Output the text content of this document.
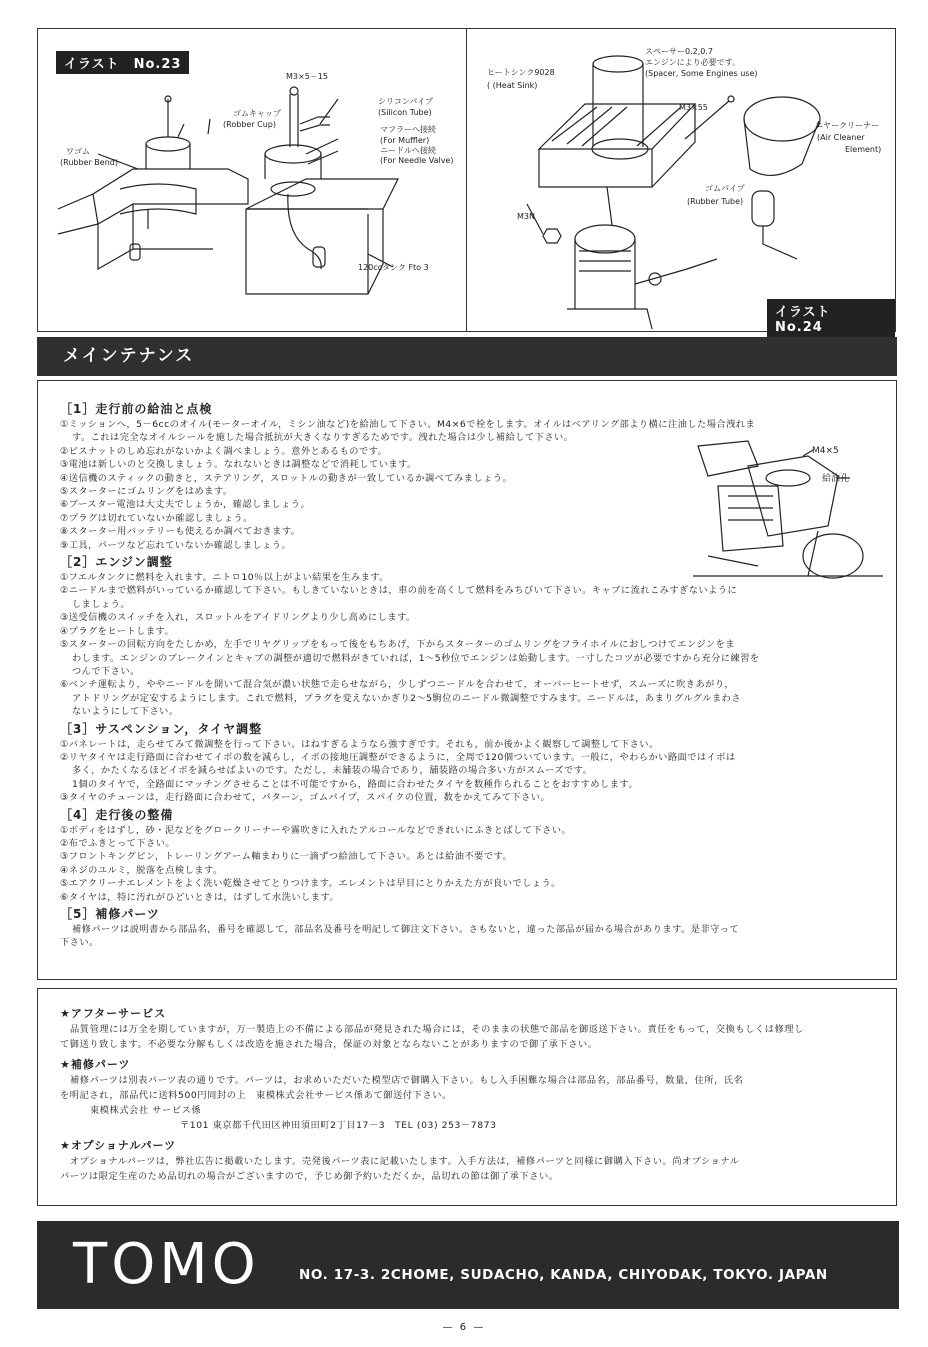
イラスト　No.23
ワゴム
(Rubber Bend)
ゴムキャップ
(Robber Cup)
M3×5－15
シリコンパイプ
(Silicon Tube)
マフラーへ接続
(For Muffler)
ニードルへ接続
(For Needle Valve)
120ccタンク Fto 3
イラスト　No.24
ヒートシンク9028
( (Heat Sink)
スペーサー0.2,0.7
エンジンにより必要です。
(Spacer, Some Engines use)
M3×55
エヤークリーナー
(Air Cleaner
Element)
ゴムパイプ
(Rubber Tube)
M3N
メインテナンス
M4×5
給油孔
［1］走行前の給油と点検
①ミッションへ，5－6ccのオイル(モーターオイル，ミシン油など)を給油して下さい。M4×6で栓をします。オイルはベアリング部より横に注油した場合洩れま
す。これは完全なオイルシールを施した場合抵抗が大きくなりすぎるためです。洩れた場合は少し補給して下さい。
②ビスナットのしめ忘れがないかよく調べましょう。意外とあるものです。
③電池は新しいのと交換しましょう。なれないときは調整などで消耗しています。
④送信機のスティックの動きと，ステアリング，スロットルの動きが一致しているか調べてみましょう。
⑤スターターにゴムリングをはめます。
⑥ブースター電池は大丈夫でしょうか，確認しましょう。
⑦プラグは切れていないか確認しましょう。
⑧スターター用バッテリーも使えるか調べておきます。
⑨工具，パーツなど忘れていないか確認しましょう。
［2］エンジン調整
①フエルタンクに燃料を入れます。ニトロ10％以上がよい結果を生みます。
②ニードルまで燃料がいっているか確認して下さい。もしきていないときは，車の前を高くして燃料をみちびいて下さい。キャブに流れこみすぎないように
しましょう。
③送受信機のスイッチを入れ，スロットルをアイドリングより少し高めにします。
④プラグをヒートします。
⑤スターターの回転方向をたしかめ，左手でリヤグリップをもって後をもちあげ，下からスターターのゴムリングをフライホイルにおしつけてエンジンをま
わします。エンジンのブレークインとキャブの調整が適切で燃料がきていれば，1～5秒位でエンジンは始動します。一寸したコツが必要ですから充分に練習を
つんで下さい。
⑥ベンチ運転より，ややニードルを開いて混合気が濃い状態で走らせながら，少しずつニードルを合わせて，オーバーヒートせず，スムーズに吹きあがり，
アトドリングが定安するようにします。これで燃料，プラグを変えないかぎり2～5駒位のニードル微調整ですみます。ニードルは，あまりグルグルまわさ
ないようにして下さい。
［3］サスペンション，タイヤ調整
①バネレートは，走らせてみて微調整を行って下さい。はねすぎるようなら強すぎです。それも，前か後かよく観察して調整して下さい。
②リヤタイヤは走行路面に合わせてイボの数を減らし，イボの接地圧調整ができるように，全周で120個ついています。一般に，やわらかい路面ではイボは
多く，かたくなるほどイボを減らせばよいのです。ただし，未舗装の場合であり，舗装路の場合多い方がスムーズです。
1個のタイヤで，全路面にマッチングさせることは不可能ですから，路面に合わせたタイヤを数種作られることをおすすめします。
③タイヤのチューンは，走行路面に合わせて，パターン，ゴムパイプ，スパイクの位置，数をかえてみて下さい。
［4］走行後の整備
①ボディをはずし，砂・泥などをグロークリーナーや霧吹きに入れたアルコールなどできれいにふきとばして下さい。
②布でふきとって下さい。
③フロントキングピン，トレーリングアーム軸まわりに一滴ずつ給油して下さい。あとは給油不要です。
④ネジのユルミ，脱落を点検します。
⑤エアクリーナエレメントをよく洗い乾燥させてとりつけます。エレメントは早目にとりかえた方が良いでしょう。
⑥タイヤは，特に汚れがひどいときは，はずして水洗いします。
［5］補修パーツ
補修パーツは説明書から部品名，番号を確認して，部品名及番号を明記して御注文下さい。さもないと，違った部品が届かる場合があります。是非守って
下さい。
★アフターサービス
品質管理には万全を期していますが，万一製造上の不備による部品が発見された場合には，そのままの状態で部品を御返送下さい。責任をもって，交換もしくは修理し
て御送り致します。不必要な分解もしくは改造を施された場合，保証の対象とならないことがありますので御了承下さい。
★補修パーツ
補修パーツは別表パーツ表の通りです。パーツは，お求めいただいた模型店で御購入下さい。もし入手困難な場合は部品名，部品番号，数量，住所，氏名
を明記され，部品代に送料500円同封の上　東模株式会社サービス係あて御送付下さい。
東模株式会社 サービス係
〒101 東京都千代田区神田須田町2丁目17－3　TEL (03) 253－7873
★オプショナルパーツ
オプショナルパーツは，弊社広告に掲載いたします。売発後パーツ表に記載いたします。入手方法は，補修パーツと同様に御購入下さい。尚オプショナル
パーツは限定生産のため品切れの場合がございますので，予じめ御予約いただくか，品切れの節は御了承下さい。
TOMO	NO. 17-3. 2CHOME, SUDACHO, KANDA, CHIYODAK, TOKYO. JAPAN
— 6 —
